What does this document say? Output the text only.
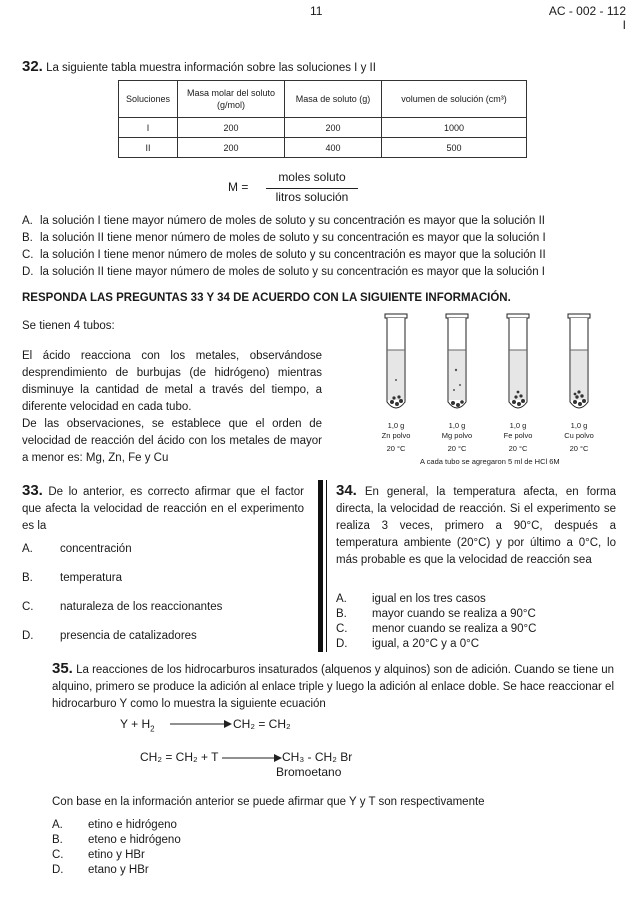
11	AC - 002 - 112
I
32. La siguiente tabla muestra información sobre las soluciones I y II
Soluciones	Masa molar del soluto (g/mol)	Masa de soluto (g)	volumen de solución (cm³)
I	200	200	1000
II	200	400	500
M =
moles soluto
litros solución
A. la solución I tiene mayor número de moles de soluto y su concentración es mayor que la solución II
B. la solución II tiene menor número de moles de soluto y su concentración es mayor que la solución I
C. la solución I tiene menor número de moles de soluto y su concentración es mayor que la solución II
D. la solución II tiene mayor número de moles de soluto y su concentración es mayor que la solución I
RESPONDA LAS PREGUNTAS 33 Y 34 DE ACUERDO CON LA SIGUIENTE INFORMACIÓN.
Se tienen 4 tubos:
El ácido reacciona con los metales, observándose desprendimiento de burbujas (de hidrógeno) mientras disminuye la cantidad de metal a través del tiempo, a diferente velocidad en cada tubo.
De las observaciones, se establece que el orden de velocidad de reacción del ácido con los metales de mayor a menor es: Mg, Zn, Fe y Cu
1,0 g
Zn polvo
20 °C
1,0 g
Mg polvo
20 °C
1,0 g
Fe polvo
20 °C
1,0 g
Cu polvo
20 °C
A cada tubo se agregaron 5 ml de HCl 6M
33. De lo anterior, es correcto afirmar que el factor que afecta la velocidad de reacción en el experimento es la
A. concentración
B. temperatura
C. naturaleza de los reaccionantes
D. presencia de catalizadores
34. En general, la temperatura afecta, en forma directa, la velocidad de reacción. Si el experimento se realiza 3 veces, primero a 90°C, después a temperatura ambiente (20°C) y por último a 0°C, lo más probable es que la velocidad de reacción sea
A. igual en los tres casos
B. mayor cuando se realiza a 90°C
C. menor cuando se realiza a 90°C
D. igual, a 20°C y a 0°C
35. La reacciones de los hidrocarburos insaturados (alquenos y alquinos) son de adición. Cuando se tiene un alquino, primero se produce la adición al enlace triple y luego la adición al enlace doble. Se hace reaccionar el hidrocarburo Y como lo muestra la siguiente ecuación
$Y + H_2$	CH₂ = CH₂
CH₂ = CH₂ + T	CH₃ - CH₂ Br
Bromoetano
Con base en la información anterior se puede afirmar que Y y T son respectivamente
A. etino e hidrógeno
B. eteno e hidrógeno
C. etino y HBr
D. etano y HBr
